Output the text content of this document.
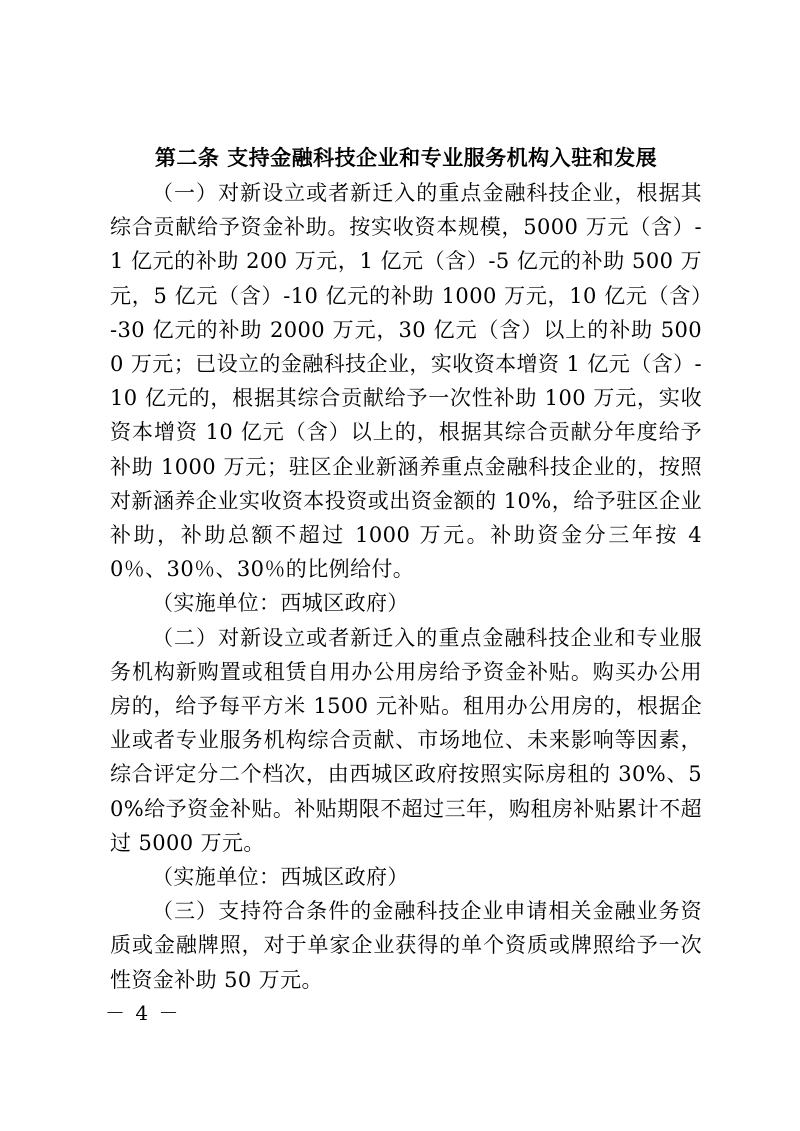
第二条 支持金融科技企业和专业服务机构入驻和发展

（一）对新设立或者新迁入的重点金融科技企业，根据其综合贡献给予资金补助。按实收资本规模，5000 万元（含）-1 亿元的补助 200 万元，1 亿元（含）-5 亿元的补助 500 万元，5 亿元（含）-10 亿元的补助 1000 万元，10 亿元（含）-30 亿元的补助 2000 万元，30 亿元（含）以上的补助 5000 万元；已设立的金融科技企业，实收资本增资 1 亿元（含）-10 亿元的，根据其综合贡献给予一次性补助 100 万元，实收资本增资 10 亿元（含）以上的，根据其综合贡献分年度给予补助 1000 万元；驻区企业新涵养重点金融科技企业的，按照对新涵养企业实收资本投资或出资金额的 10%，给予驻区企业补助，补助总额不超过 1000 万元。补助资金分三年按 40％、30％、30％的比例给付。

（实施单位：西城区政府）

（二）对新设立或者新迁入的重点金融科技企业和专业服务机构新购置或租赁自用办公用房给予资金补贴。购买办公用房的，给予每平方米 1500 元补贴。租用办公用房的，根据企业或者专业服务机构综合贡献、市场地位、未来影响等因素，综合评定分二个档次，由西城区政府按照实际房租的 30%、50%给予资金补贴。补贴期限不超过三年，购租房补贴累计不超过 5000 万元。

（实施单位：西城区政府）

（三）支持符合条件的金融科技企业申请相关金融业务资质或金融牌照，对于单家企业获得的单个资质或牌照给予一次性资金补助 50 万元。

－ 4 －
